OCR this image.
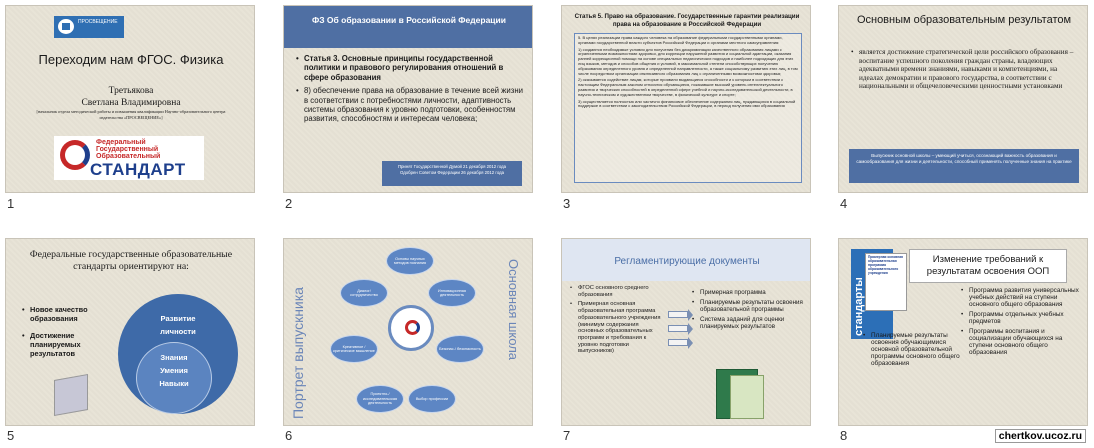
ПРОСВЕЩЕНИЕ
Переходим нам ФГОС. Физика
Третьякова
Светлана Владимировна
[начальник отдела методической работы и повышения квалификации Научно-образовательного центра издательства «ПРОСВЕЩЕНИЕ»]
Федеральный
Государственный
Образовательный
СТАНДАРТ
1
ФЗ Об образовании в Российской Федерации
• Статья 3. Основные принципы государственной политики и правового регулирования отношений в сфере образования
• 8) обеспечение права на образование в течение всей жизни в соответствии с потребностями личности, адаптивность системы образования к уровню подготовки, особенностям развития, способностям и интересам человека;
Принят Государственной Думой 21 декабря 2012 года
Одобрен Советом Федерации 26 декабря 2012 года
2
Статья 5. Право на образование. Государственные гарантии реализации права на образование в Российской Федерации

5. В целях реализации права каждого человека на образование федеральными государственными органами, органами государственной власти субъектов Российской Федерации и органами местного самоуправления:

1) создаются необходимые условия для получения без дискриминации качественного образования лицами с ограниченными возможностями здоровья, для коррекции нарушений развития и социальной адаптации, оказания ранней коррекционной помощи на основе специальных педагогических подходов и наиболее подходящих для этих лиц языков, методов и способов общения и условий, в максимальной степени способствующих получению образования определенного уровня и определенной направленности, а также социальному развитию этих лиц, в том числе посредством организации инклюзивного образования лиц с ограниченными возможностями здоровья;

2) оказывается содействие лицам, которые проявили выдающиеся способности и к которым в соответствии с настоящим Федеральным законом относятся обучающиеся, показавшие высокий уровень интеллектуального развития и творческих способностей в определенной сфере учебной и научно-исследовательской деятельности, в научно-техническом и художественном творчестве, в физической культуре и спорте;

3) осуществляется полностью или частично финансовое обеспечение содержания лиц, нуждающихся в социальной поддержке в соответствии с законодательством Российской Федерации, в период получения ими образования

3
Основным образовательным результатом
• является достижение стратегической цели российского образования – воспитание успешного поколения граждан страны, владеющих адекватными времени знаниями, навыками и компетенциями, на идеалах демократии и правового государства, в соответствии с национальными и общечеловеческими ценностными установками
Выпускник основной школы – умеющий учиться, осознающий важность образования и самообразования для жизни и деятельности, способный применять полученные знания на практике
4
Федеральные государственные образовательные стандарты ориентируют на:
• Новое качество образования
• Достижение планируемых результатов
Развитие
личности
Знания
Умения
Навыки
5
Портрет выпускника	Основная школа
Основы научных методов познания
Инновационная деятельность
Безопас-/ безопасность
Выбор профессии
Проектно-/ исследовательская деятельность
Креативное / критическое мышление
Диалог/ сотрудничество
6
Регламентирующие документы
• ФГОС основного среднего образования
• Примерная основная образовательная программа образовательного учреждения (минимум содержания основных образовательных программ и требования к уровню подготовки выпускников)
• Примерная программа
• Планируемые результаты освоения образовательной программы
• Система заданий для оценки планируемых результатов
7
стандарты
Примерная основная образовательная программа образовательного учреждения
Изменение требований к результатам освоения ООП
• Программа развития универсальных учебных действий на ступени основного общего образования
• Программы отдельных учебных предметов
• Программы воспитания и социализации обучающихся на ступени основного общего образования
• Планируемые результаты освоения обучающимися основной образовательной программы основного общего образования
8	chertkov.ucoz.ru
